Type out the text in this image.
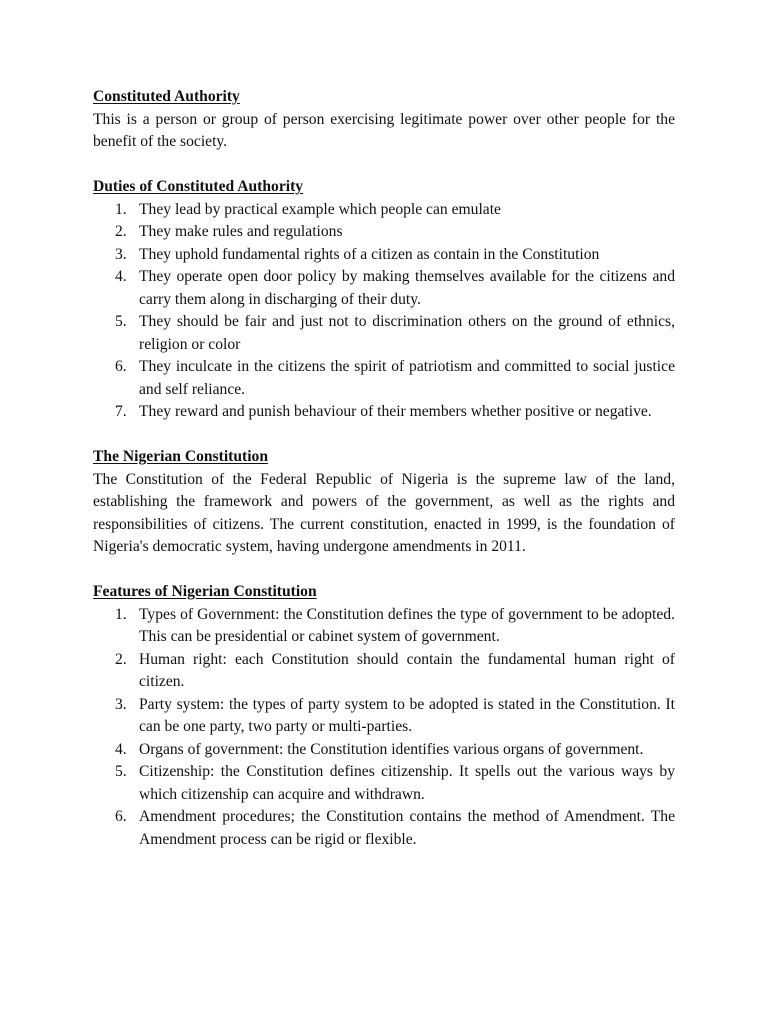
Constituted Authority

This is a person or group of person exercising legitimate power over other people for the benefit of the society.

Duties of Constituted Authority

1. They lead by practical example which people can emulate
2. They make rules and regulations
3. They uphold fundamental rights of a citizen as contain in the Constitution
4. They operate open door policy by making themselves available for the citizens and carry them along in discharging of their duty.
5. They should be fair and just not to discrimination others on the ground of ethnics, religion or color
6. They inculcate in the citizens the spirit of patriotism and committed to social justice and self reliance.
7. They reward and punish behaviour of their members whether positive or negative.

The Nigerian Constitution

The Constitution of the Federal Republic of Nigeria is the supreme law of the land, establishing the framework and powers of the government, as well as the rights and responsibilities of citizens. The current constitution, enacted in 1999, is the foundation of Nigeria's democratic system, having undergone amendments in 2011.

Features of Nigerian Constitution

1. Types of Government: the Constitution defines the type of government to be adopted. This can be presidential or cabinet system of government.
2. Human right: each Constitution should contain the fundamental human right of citizen.
3. Party system: the types of party system to be adopted is stated in the Constitution. It can be one party, two party or multi-parties.
4. Organs of government: the Constitution identifies various organs of government.
5. Citizenship: the Constitution defines citizenship. It spells out the various ways by which citizenship can acquire and withdrawn.
6. Amendment procedures; the Constitution contains the method of Amendment. The Amendment process can be rigid or flexible.
